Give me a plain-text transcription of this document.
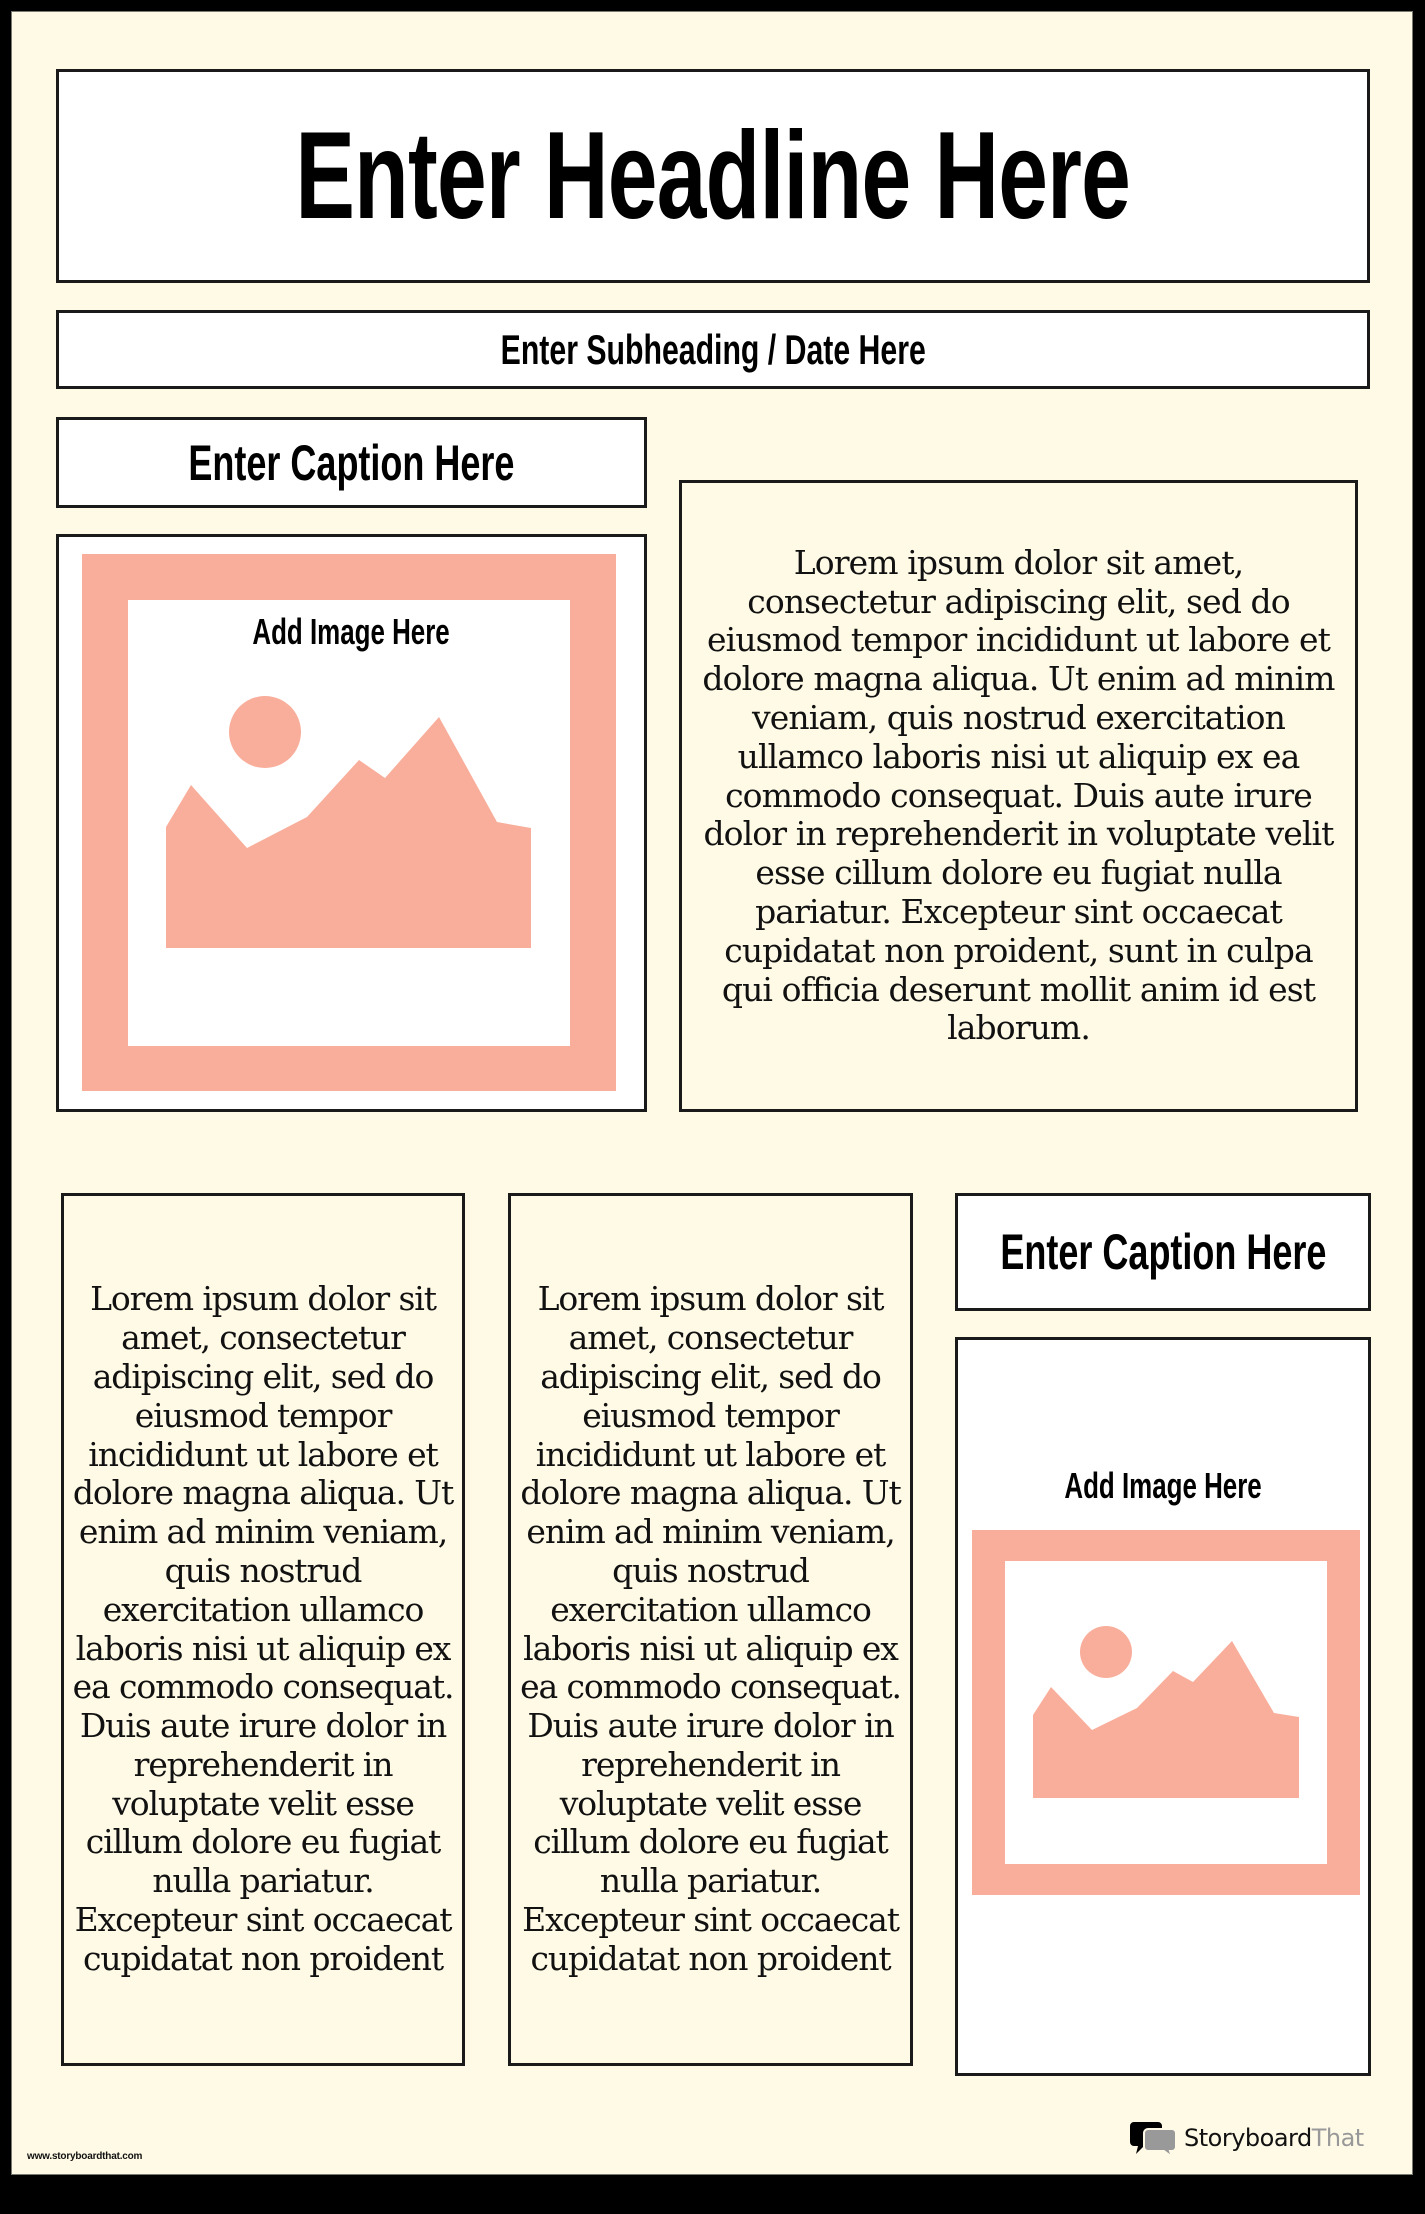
Enter Headline Here
Enter Subheading / Date Here
Enter Caption Here
Add Image Here

Lorem ipsum dolor sit amet, consectetur adipiscing elit, sed do eiusmod tempor incididunt ut labore et dolore magna aliqua. Ut enim ad minim veniam, quis nostrud exercitation ullamco laboris nisi ut aliquip ex ea commodo consequat. Duis aute irure dolor in reprehenderit in voluptate velit esse cillum dolore eu fugiat nulla pariatur. Excepteur sint occaecat cupidatat non proident, sunt in culpa qui officia deserunt mollit anim id est laborum.

Lorem ipsum dolor sit amet, consectetur adipiscing elit, sed do eiusmod tempor incididunt ut labore et dolore magna aliqua. Ut enim ad minim veniam, quis nostrud exercitation ullamco laboris nisi ut aliquip ex ea commodo consequat. Duis aute irure dolor in reprehenderit in voluptate velit esse cillum dolore eu fugiat nulla pariatur. Excepteur sint occaecat cupidatat non proident

Lorem ipsum dolor sit amet, consectetur adipiscing elit, sed do eiusmod tempor incididunt ut labore et dolore magna aliqua. Ut enim ad minim veniam, quis nostrud exercitation ullamco laboris nisi ut aliquip ex ea commodo consequat. Duis aute irure dolor in reprehenderit in voluptate velit esse cillum dolore eu fugiat nulla pariatur. Excepteur sint occaecat cupidatat non proident

Enter Caption Here
Add Image Here
www.storyboardthat.com
StoryboardThat
